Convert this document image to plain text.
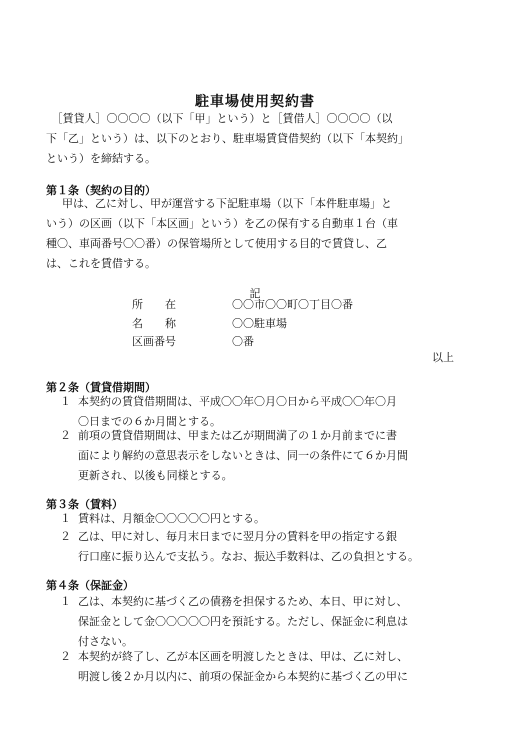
駐車場使用契約書
　［賃貸人］〇〇〇〇（以下「甲」という）と［賃借人］〇〇〇〇（以
下「乙」という）は、以下のとおり、駐車場賃貸借契約（以下「本契約」
という）を締結する。
第１条（契約の目的）
甲は、乙に対し、甲が運営する下記駐車場（以下「本件駐車場」と
いう）の区画（以下「本区画」という）を乙の保有する自動車１台（車
種〇、車両番号〇〇番）の保管場所として使用する目的で賃貸し、乙
は、これを賃借する。
記
所　　在	〇〇市〇〇町〇丁目〇番
名　　称	〇〇駐車場
区画番号	〇番
以上
第２条（賃貸借期間）
１ 本契約の賃貸借期間は、平成〇〇年〇月〇日から平成〇〇年〇月
〇日までの６か月間とする。
２ 前項の賃貸借期間は、甲または乙が期間満了の１か月前までに書
面により解約の意思表示をしないときは、同一の条件にて６か月間
更新され、以後も同様とする。
第３条（賃料）
１ 賃料は、月額金〇〇〇〇〇円とする。
２ 乙は、甲に対し、毎月末日までに翌月分の賃料を甲の指定する銀
行口座に振り込んで支払う。なお、振込手数料は、乙の負担とする。
第４条（保証金）
１ 乙は、本契約に基づく乙の債務を担保するため、本日、甲に対し、
保証金として金〇〇〇〇〇円を預託する。ただし、保証金に利息は
付さない。
２ 本契約が終了し、乙が本区画を明渡したときは、甲は、乙に対し、
明渡し後２か月以内に、前項の保証金から本契約に基づく乙の甲に
